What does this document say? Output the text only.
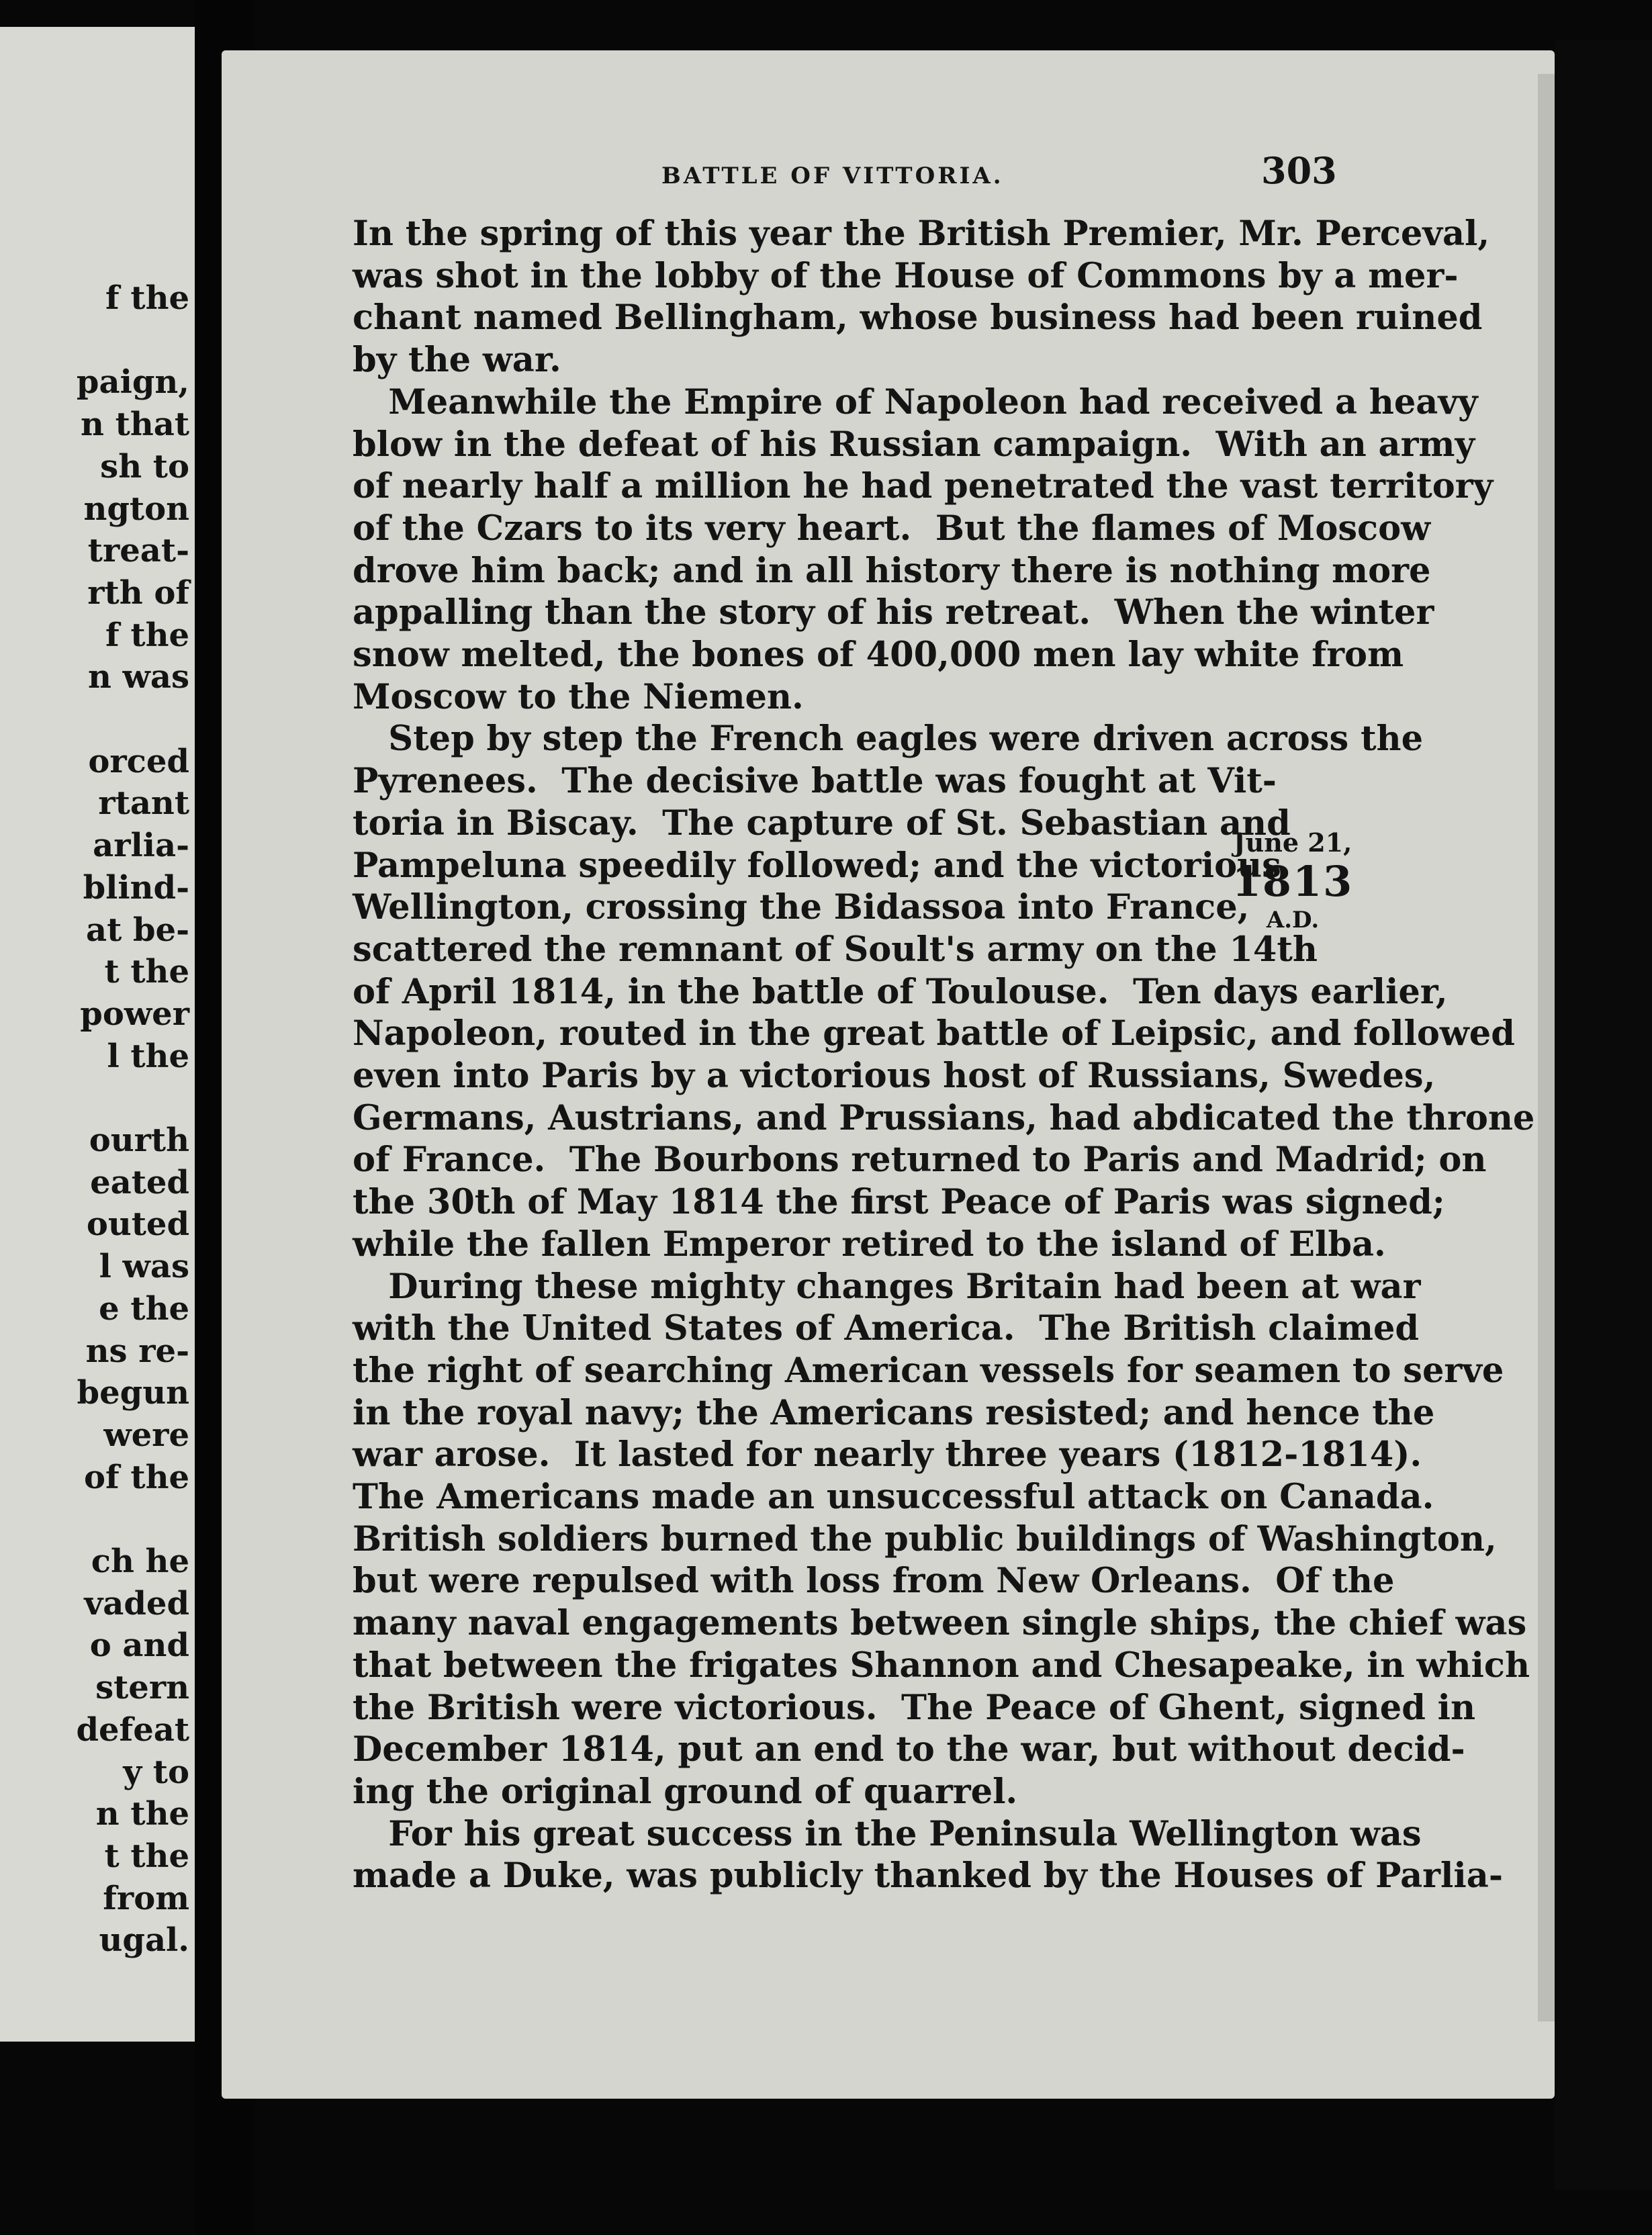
f the
paign,
n that
sh to
ngton
treat-
rth of
f the
n was
orced
rtant
arlia-
blind-
at be-
t the
power
l the
ourth
eated
outed
l was
e the
ns re-
begun
were
of the
ch he
vaded
o and
stern
defeat
y to
n the
t the
from
ugal.
BATTLE OF VITTORIA.	303
In the spring of this year the British Premier, Mr. Perceval,
was shot in the lobby of the House of Commons by a mer-
chant named Bellingham, whose business had been ruined
by the war.
Meanwhile the Empire of Napoleon had received a heavy
blow in the defeat of his Russian campaign.  With an army
of nearly half a million he had penetrated the vast territory
of the Czars to its very heart.  But the flames of Moscow
drove him back; and in all history there is nothing more
appalling than the story of his retreat.  When the winter
snow melted, the bones of 400,000 men lay white from
Moscow to the Niemen.
Step by step the French eagles were driven across the
Pyrenees.  The decisive battle was fought at Vit-
toria in Biscay.  The capture of St. Sebastian and
Pampeluna speedily followed; and the victorious
Wellington, crossing the Bidassoa into France,
scattered the remnant of Soult's army on the 14th
of April 1814, in the battle of Toulouse.  Ten days earlier,
Napoleon, routed in the great battle of Leipsic, and followed
even into Paris by a victorious host of Russians, Swedes,
Germans, Austrians, and Prussians, had abdicated the throne
of France.  The Bourbons returned to Paris and Madrid; on
the 30th of May 1814 the first Peace of Paris was signed;
while the fallen Emperor retired to the island of Elba.
During these mighty changes Britain had been at war
with the United States of America.  The British claimed
the right of searching American vessels for seamen to serve
in the royal navy; the Americans resisted; and hence the
war arose.  It lasted for nearly three years (1812-1814).
The Americans made an unsuccessful attack on Canada.
British soldiers burned the public buildings of Washington,
but were repulsed with loss from New Orleans.  Of the
many naval engagements between single ships, the chief was
that between the frigates Shannon and Chesapeake, in which
the British were victorious.  The Peace of Ghent, signed in
December 1814, put an end to the war, but without decid-
ing the original ground of quarrel.
For his great success in the Peninsula Wellington was
made a Duke, was publicly thanked by the Houses of Parlia-
June 21,
1813
A.D.
